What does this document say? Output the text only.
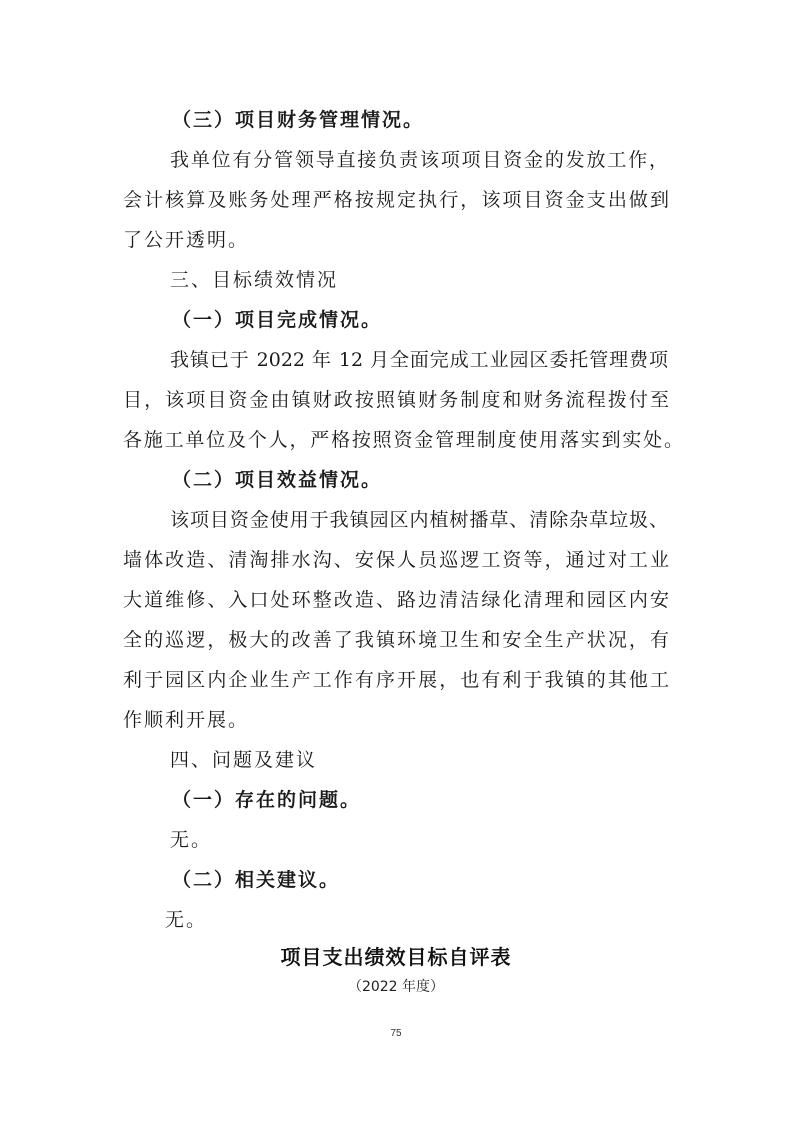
（三）项目财务管理情况。
我单位有分管领导直接负责该项项目资金的发放工作，
会计核算及账务处理严格按规定执行，该项目资金支出做到
了公开透明。
三、目标绩效情况
（一）项目完成情况。
我镇已于 2022 年 12 月全面完成工业园区委托管理费项
目，该项目资金由镇财政按照镇财务制度和财务流程拨付至
各施工单位及个人，严格按照资金管理制度使用落实到实处。
（二）项目效益情况。
该项目资金使用于我镇园区内植树播草、清除杂草垃圾、
墙体改造、清淘排水沟、安保人员巡逻工资等，通过对工业
大道维修、入口处环整改造、路边清洁绿化清理和园区内安
全的巡逻，极大的改善了我镇环境卫生和安全生产状况，有
利于园区内企业生产工作有序开展，也有利于我镇的其他工
作顺利开展。
四、问题及建议
（一）存在的问题。
无。
（二）相关建议。
无。
项目支出绩效目标自评表
（2022 年度）
75
